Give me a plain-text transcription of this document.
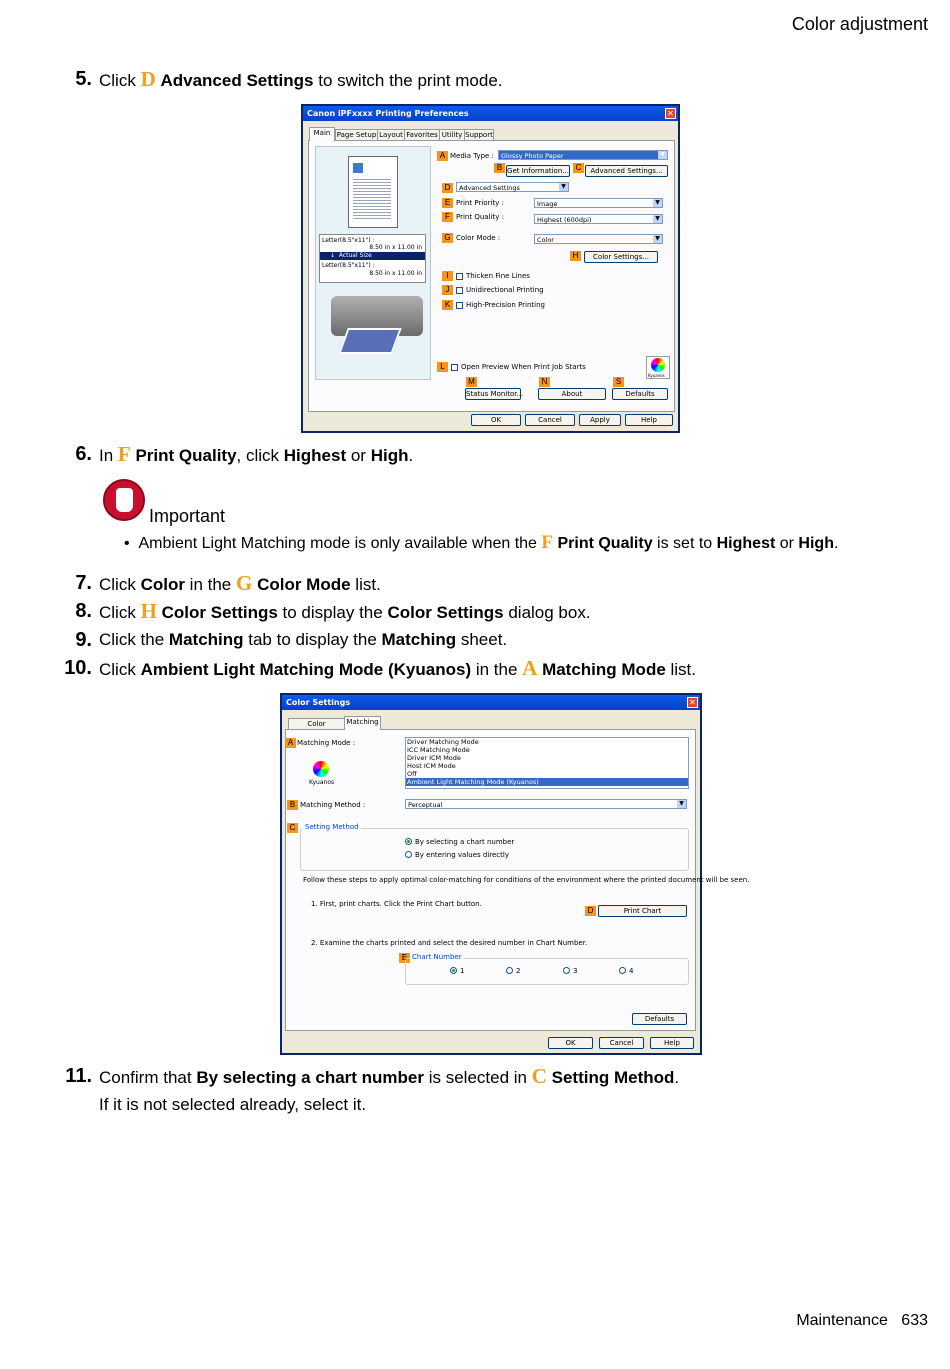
Color adjustment
Maintenance 633
5. Click D Advanced Settings to switch the print mode.
Canon iPFxxxx Printing Preferences	✕
Main Page Setup Layout Favorites Utility Support
Letter(8.5"x11") :
8.50 in x 11.00 in
↓  Actual Size
Letter(8.5"x11") :
8.50 in x 11.00 in
A Media Type :	Glossy Photo Paper	▼
B Get Information... C	Advanced Settings...
D	Advanced Settings	▼
E Print Priority :	Image	▼
F Print Quality :	Highest (600dpi)	▼
G Color Mode :	Color	▼
H	Color Settings...
I	Thicken Fine Lines
J	Unidirectional Printing
K	High-Precision Printing
L	Open Preview When Print Job Starts
Kyuanos
M	N	S
Status Monitor...	About	Defaults
OK	Cancel	Apply	Help
6. In F Print Quality, click Highest or High.
Important
•  Ambient Light Matching mode is only available when the F Print Quality is set to Highest or High.
7. Click Color in the G Color Mode list.
8. Click H Color Settings to display the Color Settings dialog box.
9. Click the Matching tab to display the Matching sheet.
10. Click Ambient Light Matching Mode (Kyuanos) in the A Matching Mode list.
Color Settings	✕
Color	Matching
A Matching Mode :
Kyuanos
Driver Matching Mode
ICC Matching Mode
Driver ICM Mode
Host ICM Mode
Off
Ambient Light Matching Mode (Kyuanos)
B Matching Method :	Perceptual	▼
C	Setting Method
By selecting a chart number
By entering values directly
Follow these steps to apply optimal color-matching for conditions of the environment where the printed document will be seen.
1. First, print charts. Click the Print Chart button.
D	Print Chart
2. Examine the charts printed and select the desired number in Chart Number.
E Chart Number
1	2	3	4
Defaults
OK	Cancel	Help
11. Confirm that By selecting a chart number is selected in C Setting Method.
If it is not selected already, select it.
